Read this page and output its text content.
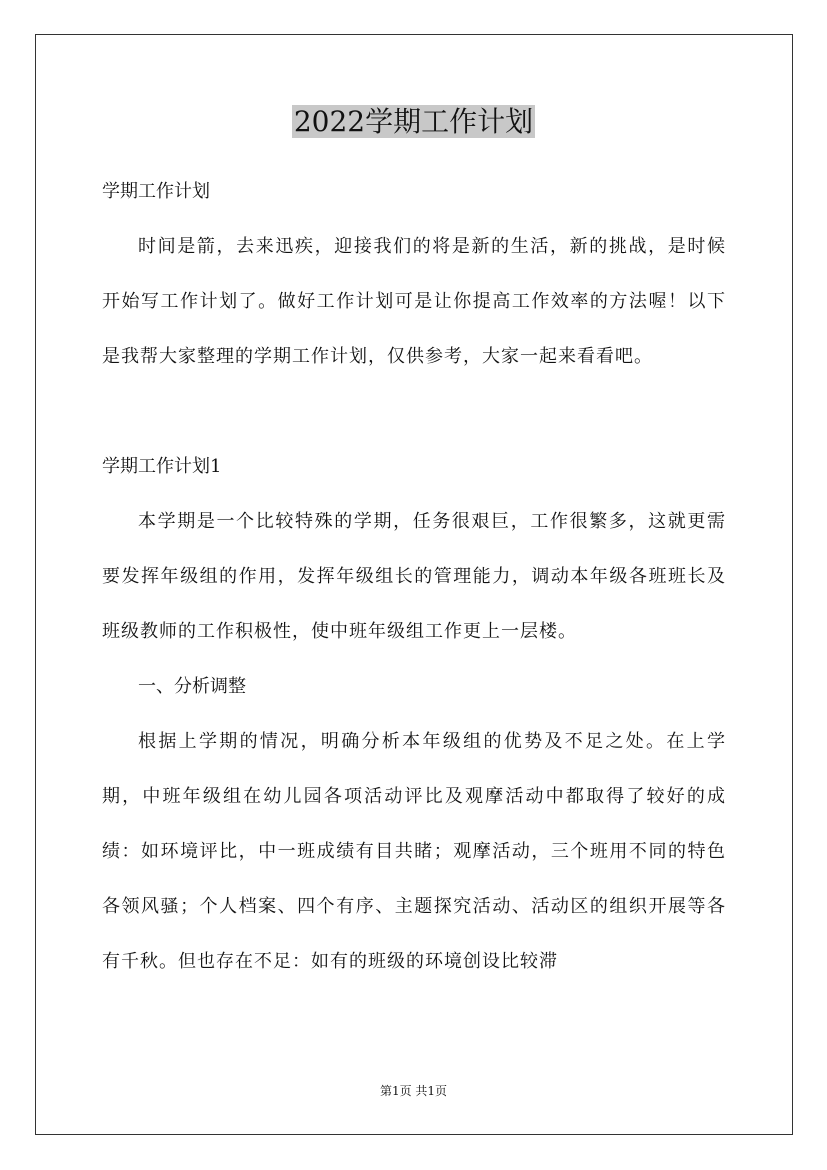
2022学期工作计划

学期工作计划

时间是箭，去来迅疾，迎接我们的将是新的生活，新的挑战，是时候开始写工作计划了。做好工作计划可是让你提高工作效率的方法喔！以下是我帮大家整理的学期工作计划，仅供参考，大家一起来看看吧。

学期工作计划1

本学期是一个比较特殊的学期，任务很艰巨，工作很繁多，这就更需要发挥年级组的作用，发挥年级组长的管理能力，调动本年级各班班长及班级教师的工作积极性，使中班年级组工作更上一层楼。

一、分析调整

根据上学期的情况，明确分析本年级组的优势及不足之处。在上学期，中班年级组在幼儿园各项活动评比及观摩活动中都取得了较好的成绩：如环境评比，中一班成绩有目共睹；观摩活动，三个班用不同的特色各领风骚；个人档案、四个有序、主题探究活动、活动区的组织开展等各有千秋。但也存在不足：如有的班级的环境创设比较滞

第1页 共1页
